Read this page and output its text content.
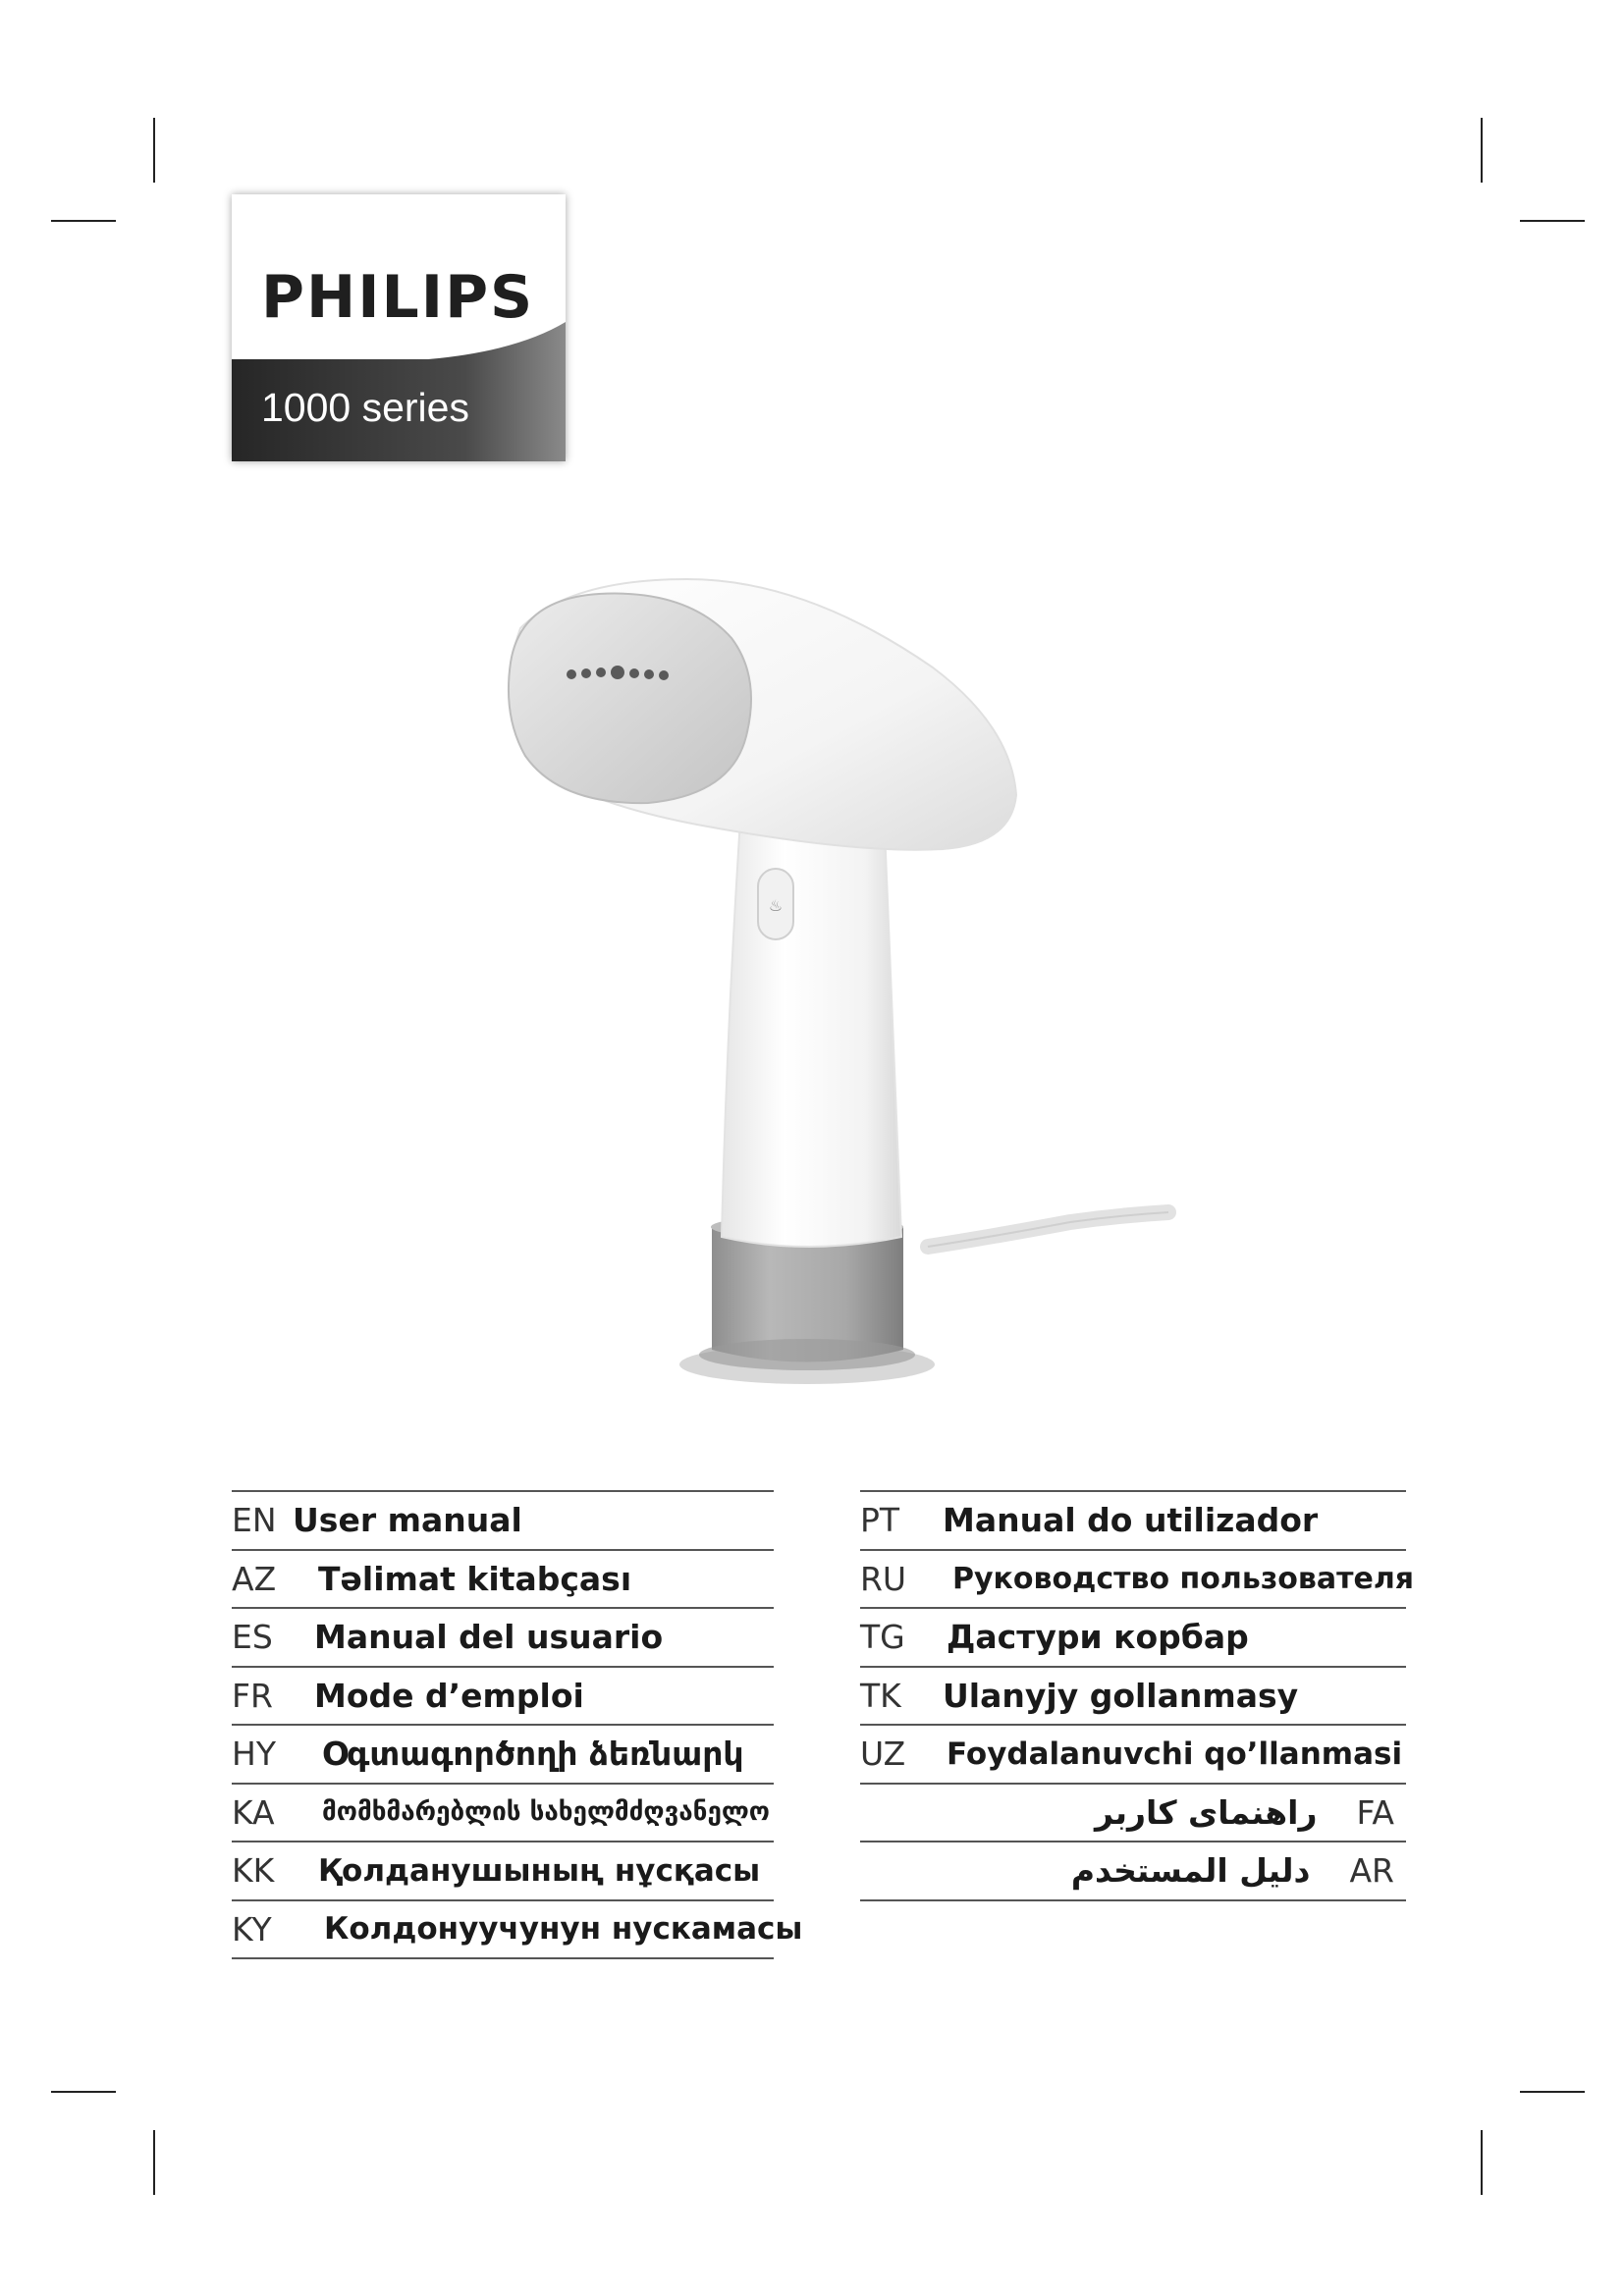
PHILIPS
1000 series
♨
EN User manual
AZ	Təlimat kitabçası
ES	Manual del usuario
FR	Mode d’emploi
HY	Օգտագործողի ձեռնարկ
KA	მომხმარებლის სახელმძღვანელო
KK	Қолданушының нұсқасы
KY	Колдонуучунун нускамасы
PT	Manual do utilizador
RU	Руководство пользователя
TG	Дастури корбар
TK	Ulanyjy gollanmasy
UZ	Foydalanuvchi qo’llanmasi
راهنمای کاربر FA
دليل المستخدم AR
